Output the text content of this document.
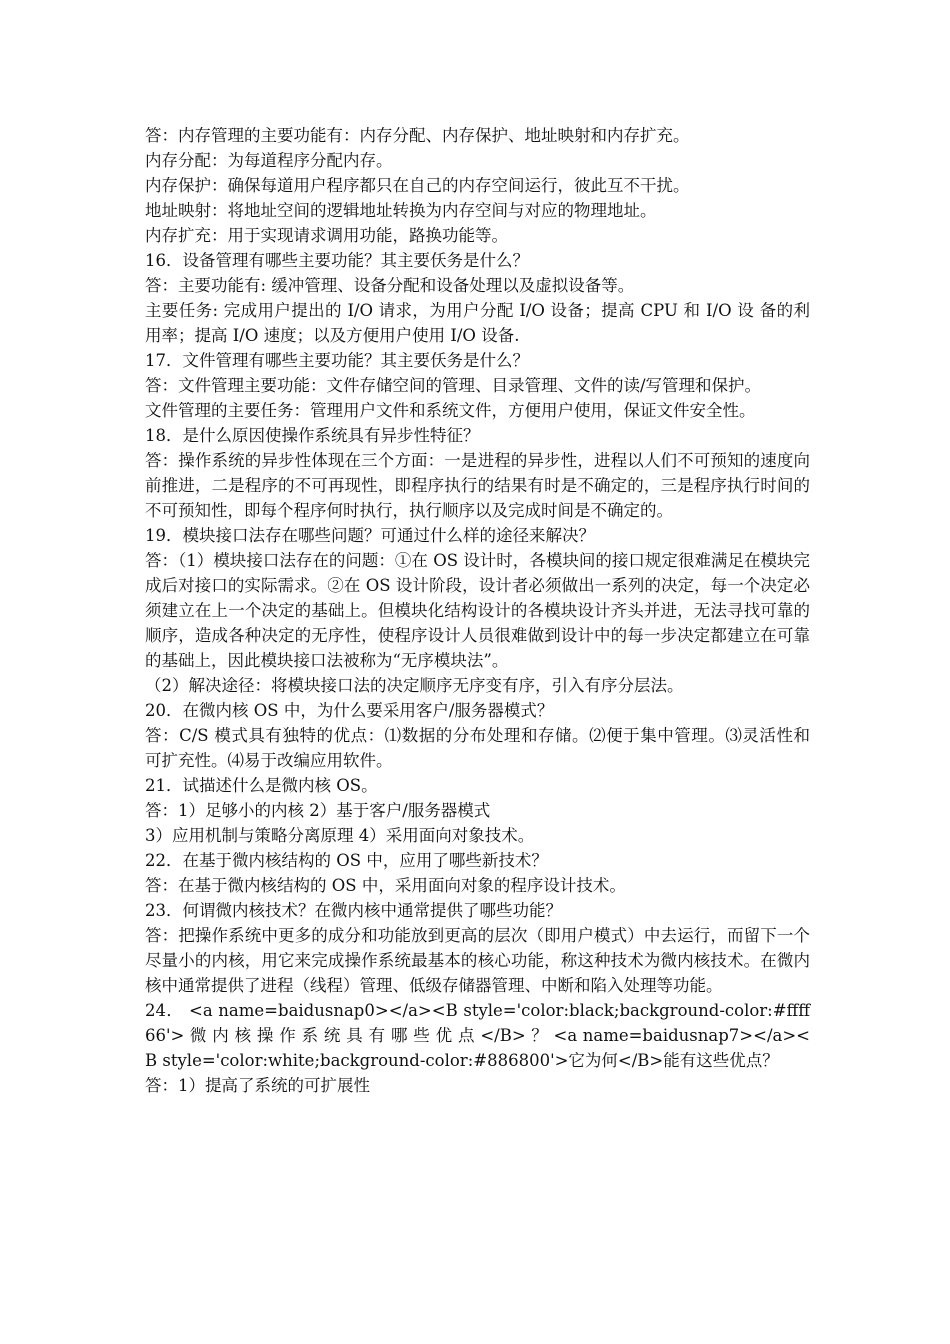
答：内存管理的主要功能有：内存分配、内存保护、地址映射和内存扩充。

内存分配：为每道程序分配内存。

内存保护：确保每道用户程序都只在自己的内存空间运行，彼此互不干扰。

地址映射：将地址空间的逻辑地址转换为内存空间与对应的物理地址。

内存扩充：用于实现请求调用功能，路换功能等。

16．设备管理有哪些主要功能？其主要仸务是什么？

答：主要功能有: 缓冲管理、设备分配和设备处理以及虚拟设备等。

主要任务: 完成用户提出的 I/O 请求，为用户分配 I/O 设备；提高 CPU 和 I/O 设 备的利用率；提高 I/O 速度；以及方便用户使用 I/O 设备.

17．文件管理有哪些主要功能？其主要仸务是什么？

答：文件管理主要功能：文件存储空间的管理、目录管理、文件的读/写管理和保护。

文件管理的主要任务：管理用户文件和系统文件，方便用户使用，保证文件安全性。

18．是什么原因使操作系统具有异步性特征？

答：操作系统的异步性体现在三个方面：一是进程的异步性，进程以人们不可预知的速度向 前推进，二是程序的不可再现性，即程序执行的结果有时是不确定的，三是程序执行时间的不可预知性，即每个程序何时执行，执行顺序以及完成时间是不确定的。

19．模块接口法存在哪些问题？可通过什么样的途径来解决？

答：（1）模块接口法存在的问题：①在 OS 设计时，各模块间的接口规定很难满足在模块完成后对接口的实际需求。②在 OS 设计阶段，设计者必须做出一系列的决定，每一个决定必须建立在上一个决定的基础上。但模块化结构设计的各模块设计齐头并进，无法寻找可靠的顺序，造成各种决定的无序性，使程序设计人员很难做到设计中的每一步决定都建立在可靠的基础上，因此模块接口法被称为“无序模块法”。

（2）解决途径：将模块接口法的决定顺序无序变有序，引入有序分层法。

20．在微内核 OS 中，为什么要采用客户/服务器模式？

答：C/S 模式具有独特的优点：⑴数据的分布处理和存储。⑵便于集中管理。⑶灵活性和 可扩充性。⑷易于改编应用软件。

21．试描述什么是微内核 OS。

答：1）足够小的内核 2）基于客户/服务器模式

3）应用机制与策略分离原理 4）采用面向对象技术。

22．在基于微内核结构的 OS 中，应用了哪些新技术？

答：在基于微内核结构的 OS 中，采用面向对象的程序设计技术。

23．何谓微内核技术？在微内核中通常提供了哪些功能？

答：把操作系统中更多的成分和功能放到更高的层次（即用户模式）中去运行，而留下一个尽量小的内核，用它来完成操作系统最基本的核心功能，称这种技术为微内核技术。在微内核中通常提供了进程（线程）管理、低级存储器管理、中断和陷入处理等功能。

24． <a name=baidusnap0></a><B style='color:black;background-color:#ffff66'> 微 内 核 操 作 系 统 具 有 哪 些 优 点 </B> ？ <a name=baidusnap7></a><B style='color:white;background-color:#886800'>它为何</B>能有这些优点？

答：1）提高了系统的可扩展性
